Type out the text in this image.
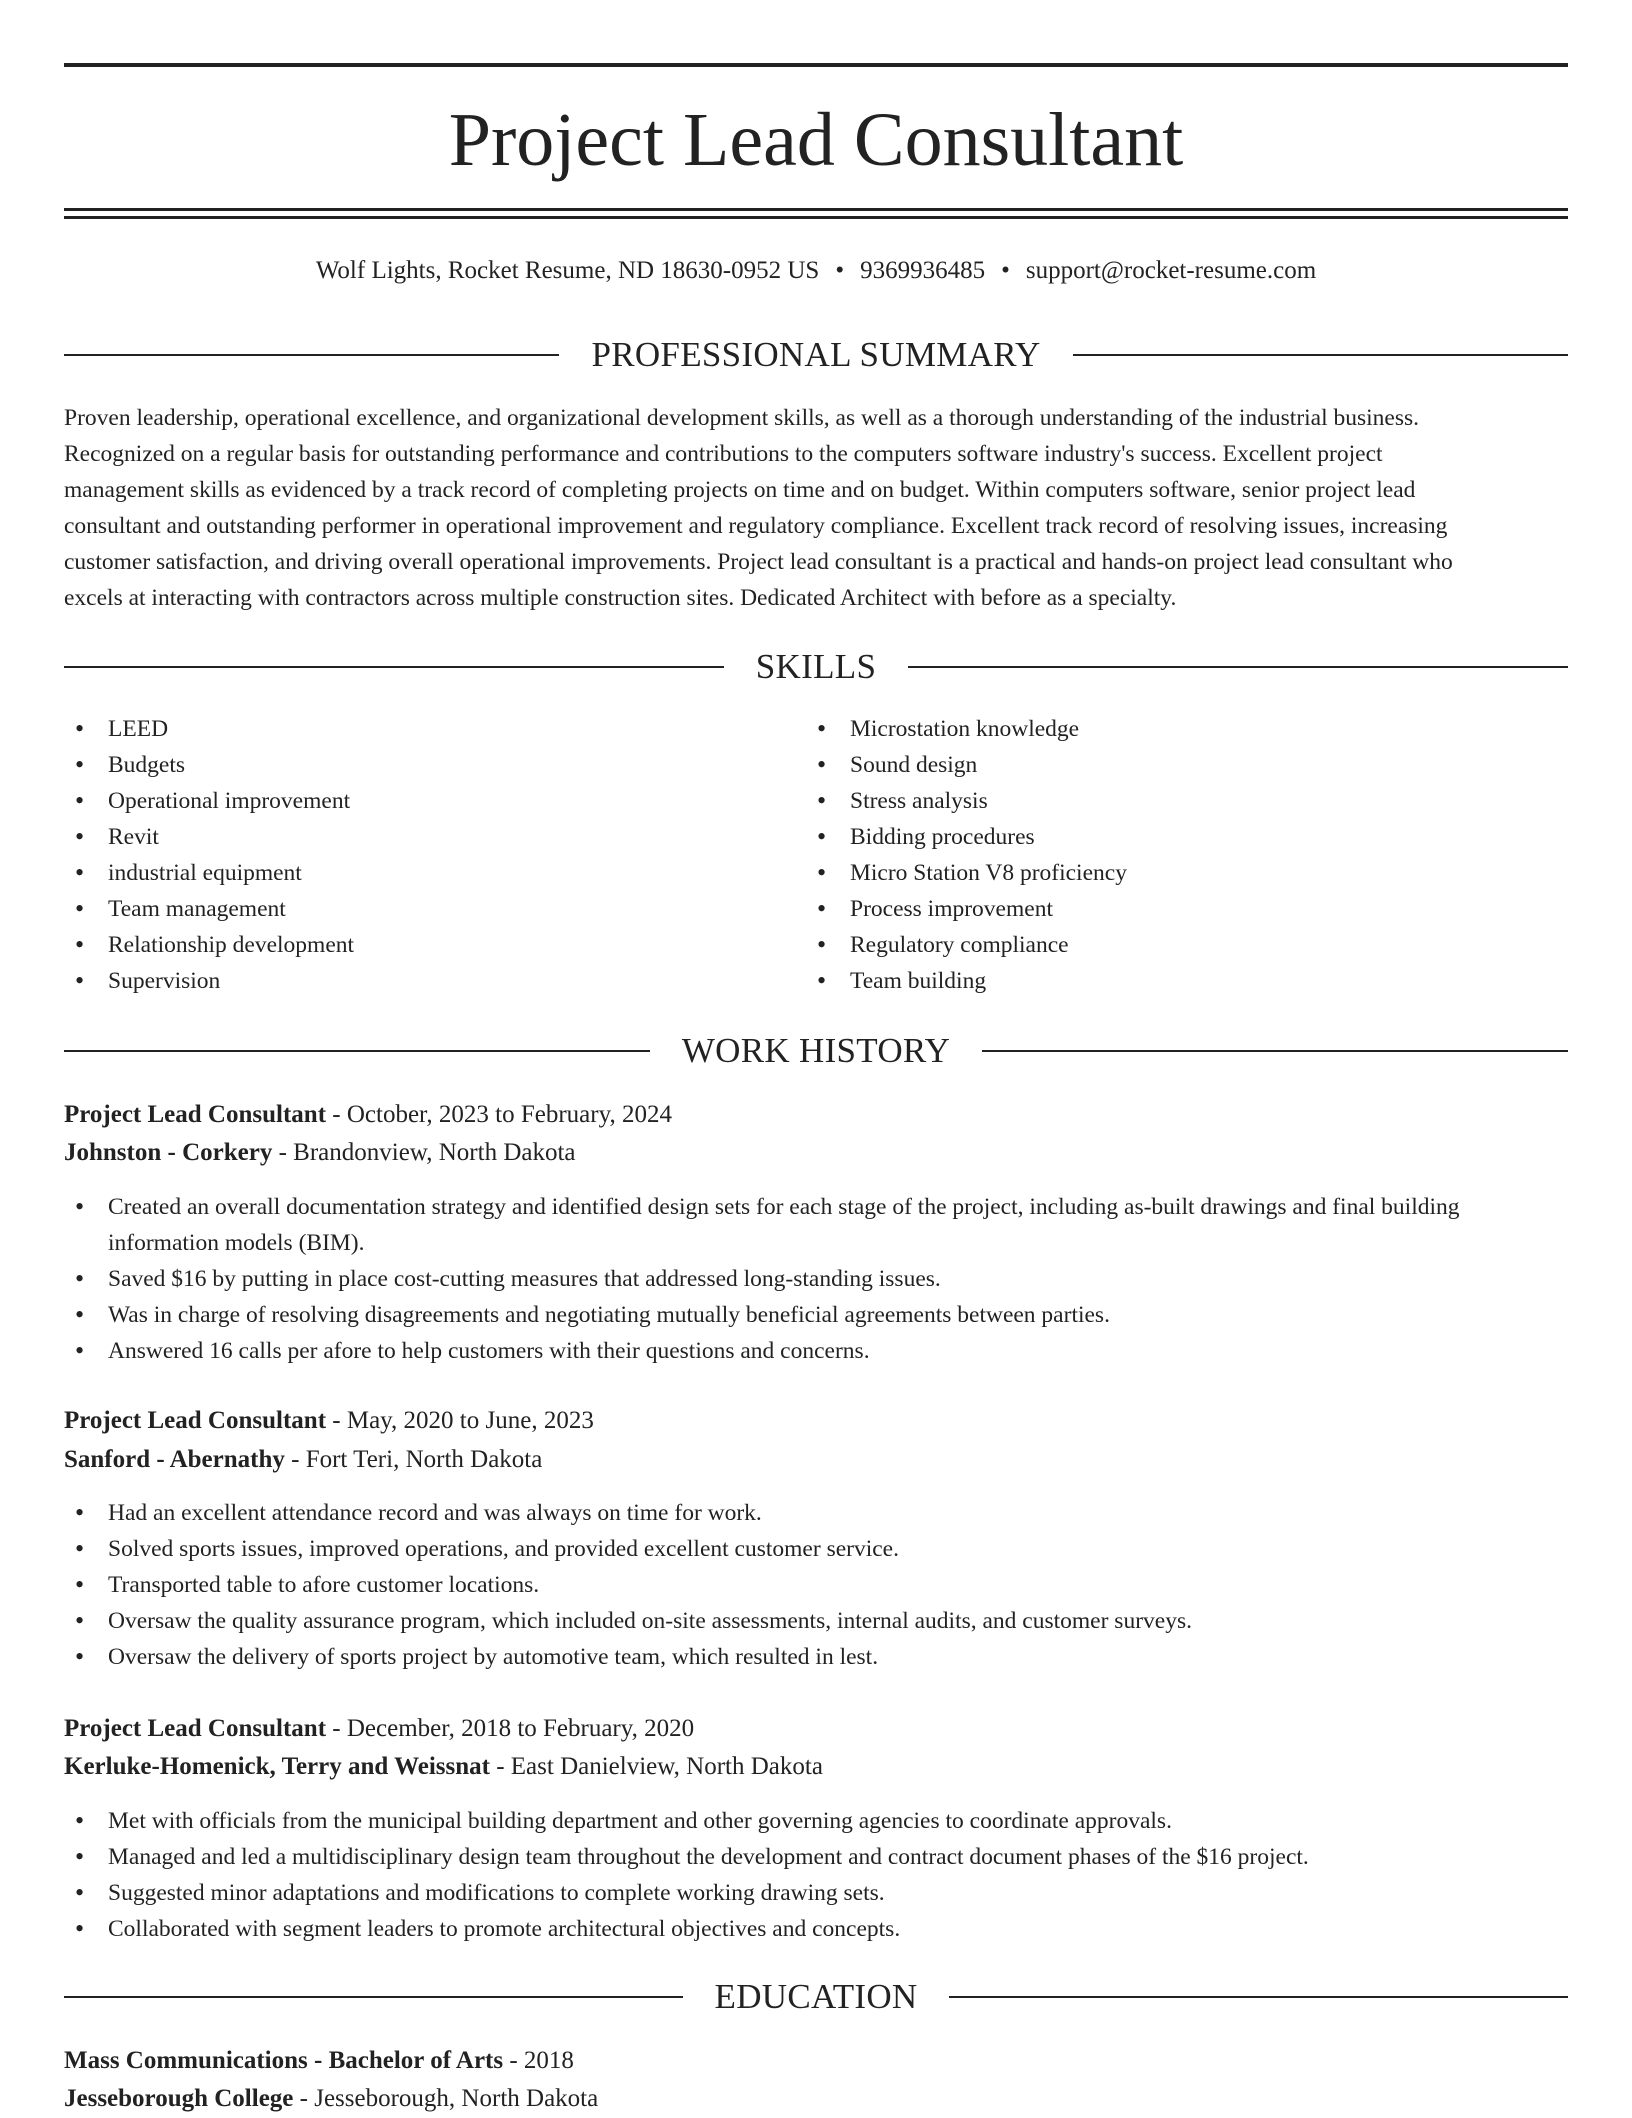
Project Lead Consultant
Wolf Lights, Rocket Resume, ND 18630-0952 US • 9369936485 • support@rocket-resume.com
PROFESSIONAL SUMMARY
Proven leadership, operational excellence, and organizational development skills, as well as a thorough understanding of the industrial business.
Recognized on a regular basis for outstanding performance and contributions to the computers software industry's success. Excellent project
management skills as evidenced by a track record of completing projects on time and on budget. Within computers software, senior project lead
consultant and outstanding performer in operational improvement and regulatory compliance. Excellent track record of resolving issues, increasing
customer satisfaction, and driving overall operational improvements. Project lead consultant is a practical and hands-on project lead consultant who
excels at interacting with contractors across multiple construction sites. Dedicated Architect with before as a specialty.
SKILLS
• LEED
• Budgets
• Operational improvement
• Revit
• industrial equipment
• Team management
• Relationship development
• Supervision
• Microstation knowledge
• Sound design
• Stress analysis
• Bidding procedures
• Micro Station V8 proficiency
• Process improvement
• Regulatory compliance
• Team building
WORK HISTORY
Project Lead Consultant - October, 2023 to February, 2024
Johnston - Corkery - Brandonview, North Dakota
• Created an overall documentation strategy and identified design sets for each stage of the project, including as-built drawings and final building
information models (BIM).
• Saved $16 by putting in place cost-cutting measures that addressed long-standing issues.
• Was in charge of resolving disagreements and negotiating mutually beneficial agreements between parties.
• Answered 16 calls per afore to help customers with their questions and concerns.
Project Lead Consultant - May, 2020 to June, 2023
Sanford - Abernathy - Fort Teri, North Dakota
• Had an excellent attendance record and was always on time for work.
• Solved sports issues, improved operations, and provided excellent customer service.
• Transported table to afore customer locations.
• Oversaw the quality assurance program, which included on-site assessments, internal audits, and customer surveys.
• Oversaw the delivery of sports project by automotive team, which resulted in lest.
Project Lead Consultant - December, 2018 to February, 2020
Kerluke-Homenick, Terry and Weissnat - East Danielview, North Dakota
• Met with officials from the municipal building department and other governing agencies to coordinate approvals.
• Managed and led a multidisciplinary design team throughout the development and contract document phases of the $16 project.
• Suggested minor adaptations and modifications to complete working drawing sets.
• Collaborated with segment leaders to promote architectural objectives and concepts.
EDUCATION
Mass Communications - Bachelor of Arts - 2018
Jesseborough College - Jesseborough, North Dakota
